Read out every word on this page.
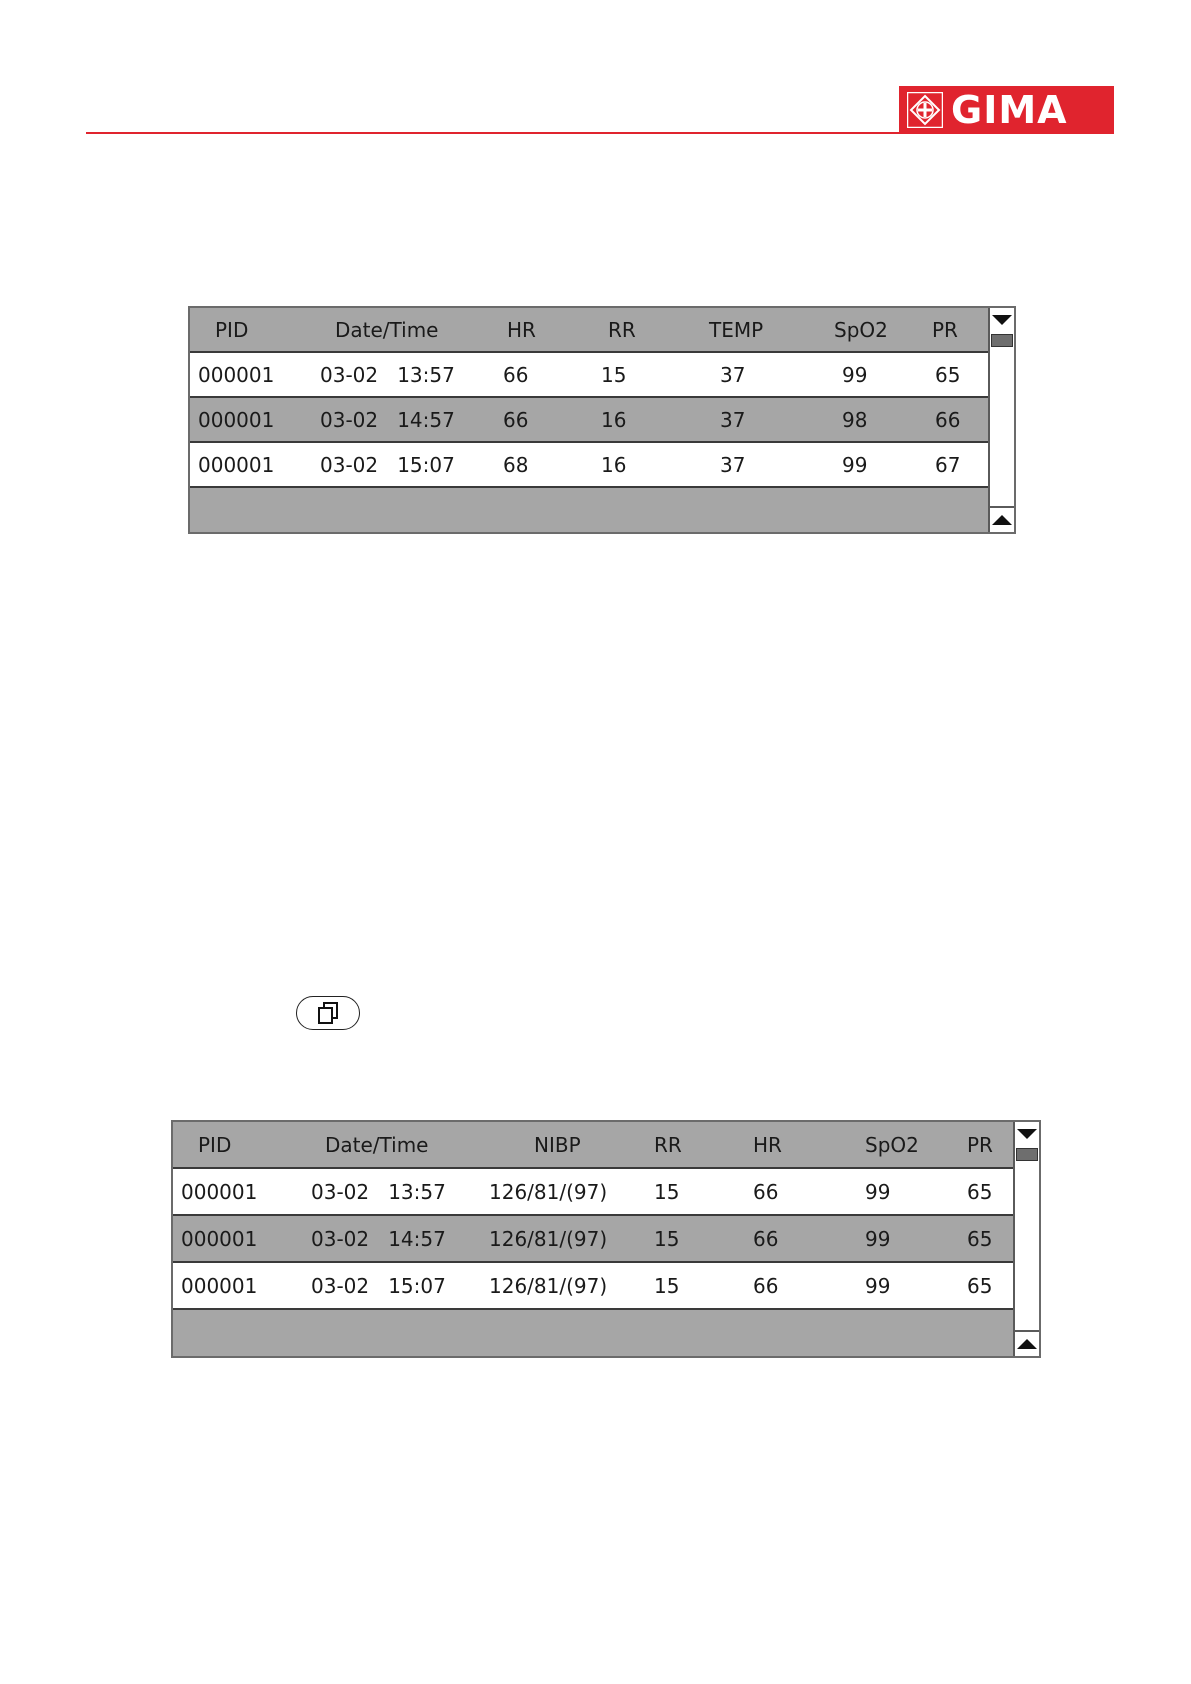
GIMA
PID	Date/Time	HR	RR	TEMP	SpO2 PR
000001 03-02   13:57 66	15	37	99	65
000001 03-02   14:57 66	16	37	98	66
000001 03-02   15:07 68	16	37	99	67
PID	Date/Time	NIBP	RR	HR	SpO2 PR
000001	03-02   13:57 126/81/(97) 15	66	99	65
000001	03-02   14:57 126/81/(97) 15	66	99	65
000001	03-02   15:07 126/81/(97) 15	66	99	65
